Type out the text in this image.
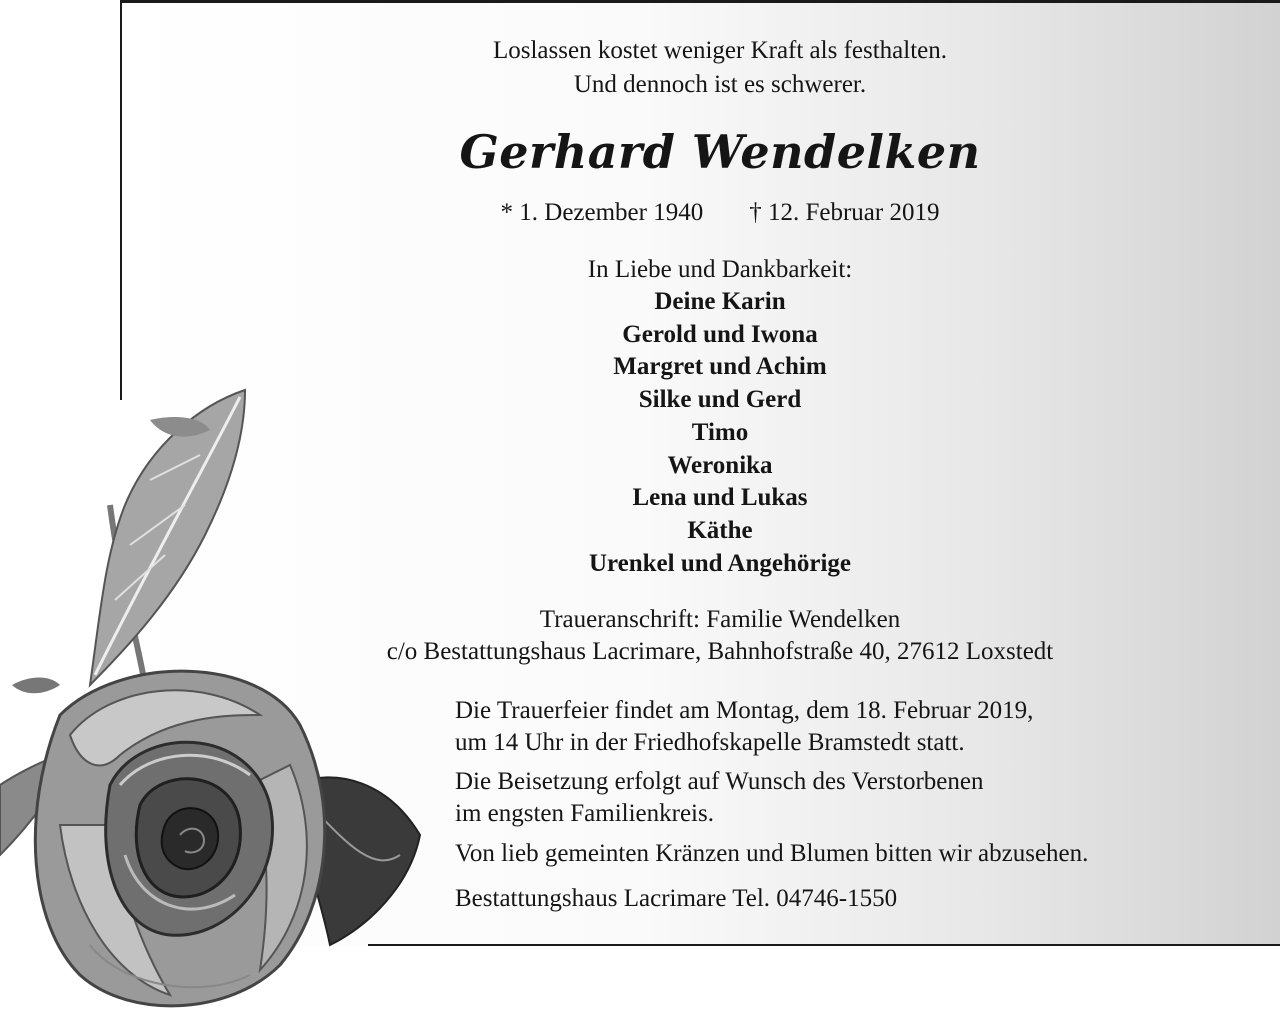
Loslassen kostet weniger Kraft als festhalten.
Und dennoch ist es schwerer.
Gerhard Wendelken
* 1. Dezember 1940 † 12. Februar 2019
In Liebe und Dankbarkeit:
Deine Karin
Gerold und Iwona
Margret und Achim
Silke und Gerd
Timo
Weronika
Lena und Lukas
Käthe
Urenkel und Angehörige
Traueranschrift: Familie Wendelken
c/o Bestattungshaus Lacrimare, Bahnhofstraße 40, 27612 Loxstedt
Die Trauerfeier findet am Montag, dem 18. Februar 2019,
um 14 Uhr in der Friedhofskapelle Bramstedt statt.
Die Beisetzung erfolgt auf Wunsch des Verstorbenen
im engsten Familienkreis.
Von lieb gemeinten Kränzen und Blumen bitten wir abzusehen.
Bestattungshaus Lacrimare Tel. 04746-1550
